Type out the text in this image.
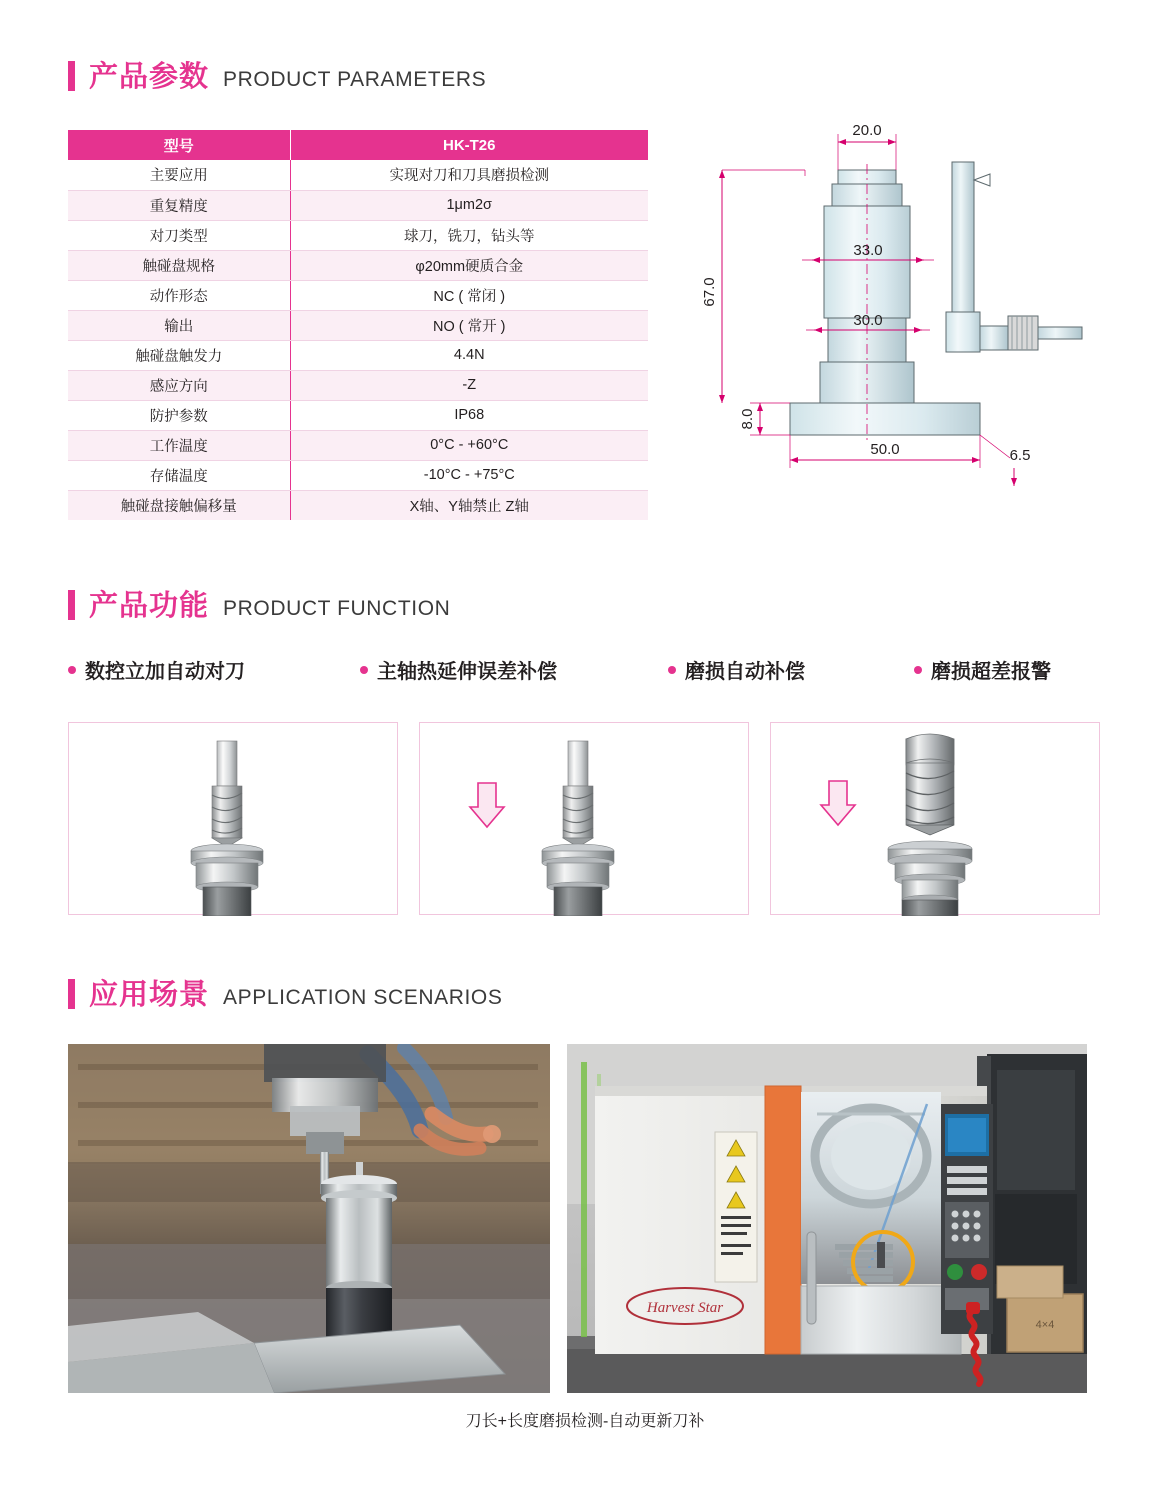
产品参数 PRODUCT PARAMETERS
型号	HK-T26
主要应用	实现对刀和刀具磨损检测
重复精度	1μm2σ
对刀类型	球刀，铣刀，钻头等
触碰盘规格	φ20mm硬质合金
动作形态	NC ( 常闭 )
输出	NO ( 常开 )
触碰盘触发力	4.4N
感应方向	-Z
防护参数	IP68
工作温度	0°C - +60°C
存储温度	-10°C - +75°C
触碰盘接触偏移量	X轴、Y轴禁止 Z轴
20.0
33.0
30.0
67.0
8.0
50.0	6.5
产品功能 PRODUCT FUNCTION
数控立加自动对刀	主轴热延伸误差补偿	磨损自动补偿	磨损超差报警
应用场景 APPLICATION SCENARIOS
4×4
Harvest Star
刀长+长度磨损检测-自动更新刀补
